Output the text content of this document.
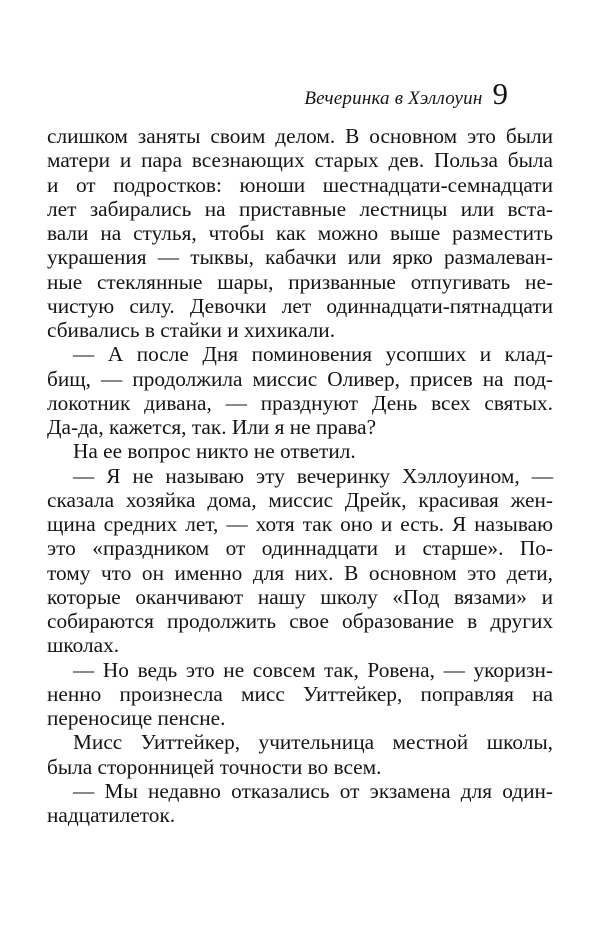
Вечеринка в Хэллоуин 9
слишком заняты своим делом. В основном это были
матери и пара всезнающих старых дев. Польза была
и от подростков: юноши шестнадцати-семнадцати
лет забирались на приставные лестницы или вста-
вали на стулья, чтобы как можно выше разместить
украшения — тыквы, кабачки или ярко размалеван-
ные стеклянные шары, призванные отпугивать не-
чистую силу. Девочки лет одиннадцати-пятнадцати
сбивались в стайки и хихикали.
— А после Дня поминовения усопших и клад-
бищ, — продолжила миссис Оливер, присев на под-
локотник дивана, — празднуют День всех святых.
Да-да, кажется, так. Или я не права?
На ее вопрос никто не ответил.
— Я не называю эту вечеринку Хэллоуином, —
сказала хозяйка дома, миссис Дрейк, красивая жен-
щина средних лет, — хотя так оно и есть. Я называю
это «праздником от одиннадцати и старше». По-
тому что он именно для них. В основном это дети,
которые оканчивают нашу школу «Под вязами» и
собираются продолжить свое образование в других
школах.
— Но ведь это не совсем так, Ровена, — укоризн-
ненно произнесла мисс Уиттейкер, поправляя на
переносице пенсне.
Мисс Уиттейкер, учительница местной школы,
была сторонницей точности во всем.
— Мы недавно отказались от экзамена для один-
надцатилеток.
